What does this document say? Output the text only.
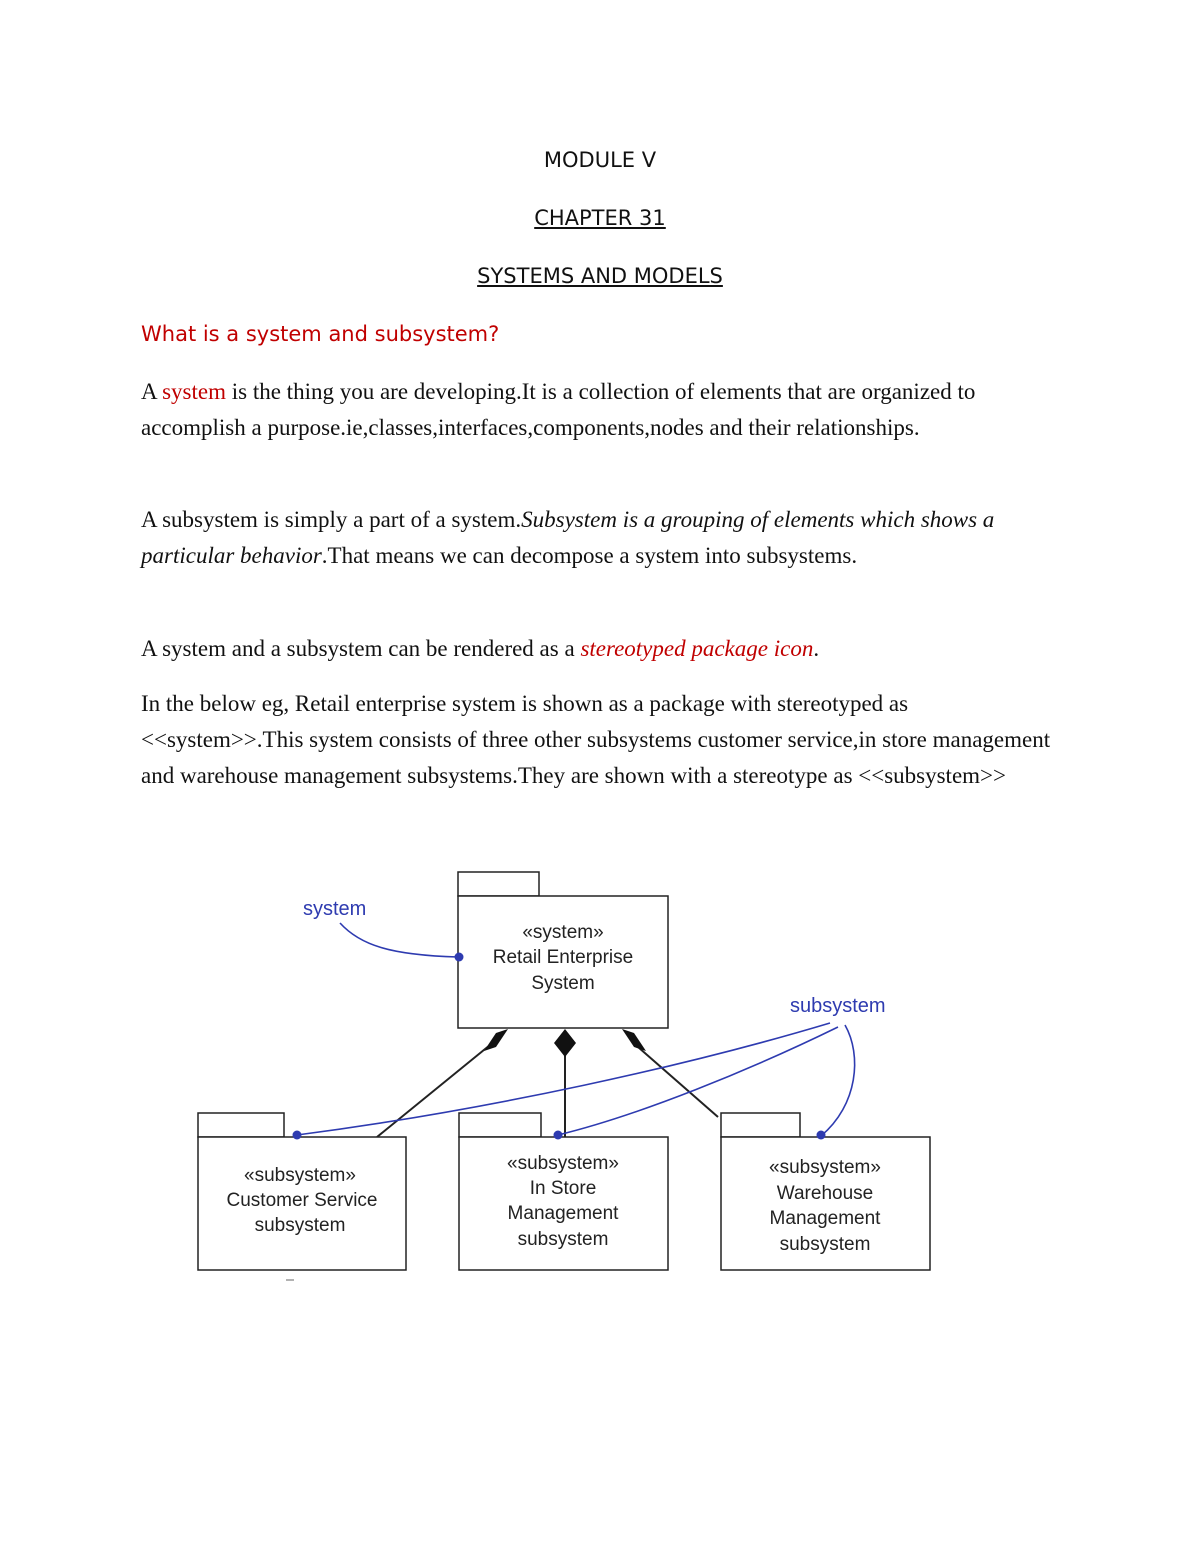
MODULE V
CHAPTER 31
SYSTEMS AND MODELS
What is a system and subsystem?

A system is the thing you are developing.It is a collection of elements that are organized to accomplish a purpose.ie,classes,interfaces,components,nodes and their relationships.

A subsystem is simply a part of a system.Subsystem is a grouping of elements which shows a particular behavior.That means we can decompose a system into subsystems.

A system and a subsystem can be rendered as a stereotyped package icon.

In the below eg, Retail enterprise system is shown as a package with stereotyped as <<system>>.This system consists of three other subsystems customer service,in store management and warehouse management subsystems.They are shown with a stereotype as <<subsystem>>

«system»
Retail Enterprise
System
«subsystem»
Customer Service
subsystem
«subsystem»
In Store
Management
subsystem
«subsystem»
Warehouse
Management
subsystem
system
subsystem
